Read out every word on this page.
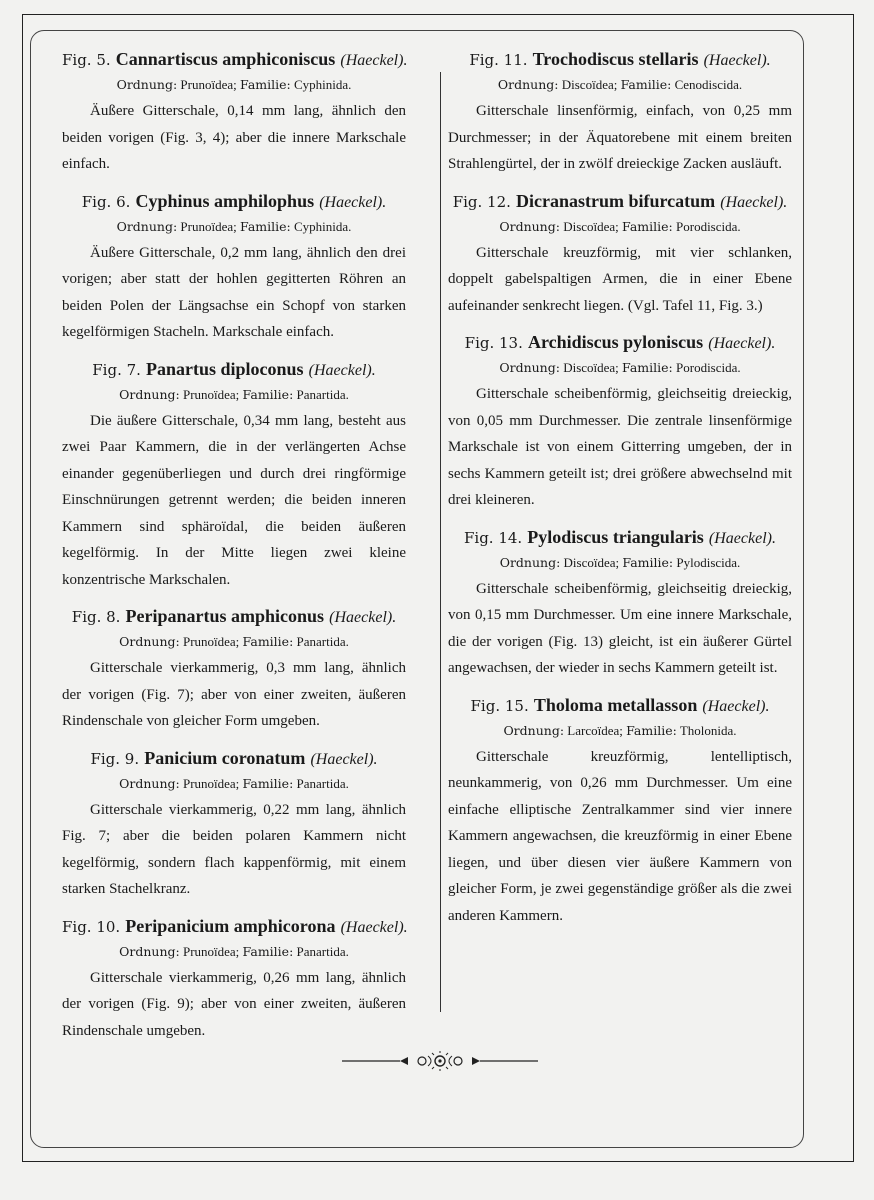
Fig. 5. Cannartiscus amphiconiscus (Haeckel).
Ordnung: Prunoïdea; Familie: Cyphinida.

Äußere Gitterschale, 0,14 mm lang, ähnlich den beiden vorigen (Fig. 3, 4); aber die innere Markschale einfach.

Fig. 6. Cyphinus amphilophus (Haeckel).
Ordnung: Prunoïdea; Familie: Cyphinida.

Äußere Gitterschale, 0,2 mm lang, ähnlich den drei vorigen; aber statt der hohlen gegitterten Röhren an beiden Polen der Längsachse ein Schopf von starken kegelförmigen Stacheln. Markschale einfach.

Fig. 7. Panartus diploconus (Haeckel).
Ordnung: Prunoïdea; Familie: Panartida.

Die äußere Gitterschale, 0,34 mm lang, besteht aus zwei Paar Kammern, die in der verlängerten Achse einander gegenüberliegen und durch drei ringförmige Einschnürungen getrennt werden; die beiden inneren Kammern sind sphäroïdal, die beiden äußeren kegelförmig. In der Mitte liegen zwei kleine konzentrische Markschalen.

Fig. 8. Peripanartus amphiconus (Haeckel).
Ordnung: Prunoïdea; Familie: Panartida.

Gitterschale vierkammerig, 0,3 mm lang, ähnlich der vorigen (Fig. 7); aber von einer zweiten, äußeren Rindenschale von gleicher Form umgeben.

Fig. 9. Panicium coronatum (Haeckel).
Ordnung: Prunoïdea; Familie: Panartida.

Gitterschale vierkammerig, 0,22 mm lang, ähnlich Fig. 7; aber die beiden polaren Kammern nicht kegelförmig, sondern flach kappenförmig, mit einem starken Stachelkranz.

Fig. 10. Peripanicium amphicorona (Haeckel).
Ordnung: Prunoïdea; Familie: Panartida.

Gitterschale vierkammerig, 0,26 mm lang, ähnlich der vorigen (Fig. 9); aber von einer zweiten, äußeren Rindenschale umgeben.

Fig. 11. Trochodiscus stellaris (Haeckel).
Ordnung: Discoïdea; Familie: Cenodiscida.

Gitterschale linsenförmig, einfach, von 0,25 mm Durchmesser; in der Äquatorebene mit einem breiten Strahlengürtel, der in zwölf dreieckige Zacken ausläuft.

Fig. 12. Dicranastrum bifurcatum (Haeckel).
Ordnung: Discoïdea; Familie: Porodiscida.

Gitterschale kreuzförmig, mit vier schlanken, doppelt gabelspaltigen Armen, die in einer Ebene aufeinander senkrecht liegen. (Vgl. Tafel 11, Fig. 3.)

Fig. 13. Archidiscus pyloniscus (Haeckel).
Ordnung: Discoïdea; Familie: Porodiscida.

Gitterschale scheibenförmig, gleichseitig dreieckig, von 0,05 mm Durchmesser. Die zentrale linsenförmige Markschale ist von einem Gitterring umgeben, der in sechs Kammern geteilt ist; drei größere abwechselnd mit drei kleineren.

Fig. 14. Pylodiscus triangularis (Haeckel).
Ordnung: Discoïdea; Familie: Pylodiscida.

Gitterschale scheibenförmig, gleichseitig dreieckig, von 0,15 mm Durchmesser. Um eine innere Markschale, die der vorigen (Fig. 13) gleicht, ist ein äußerer Gürtel angewachsen, der wieder in sechs Kammern geteilt ist.

Fig. 15. Tholoma metallasson (Haeckel).
Ordnung: Larcoïdea; Familie: Tholonida.

Gitterschale kreuzförmig, lentelliptisch, neunkammerig, von 0,26 mm Durchmesser. Um eine einfache elliptische Zentralkammer sind vier innere Kammern angewachsen, die kreuzförmig in einer Ebene liegen, und über diesen vier äußere Kammern von gleicher Form, je zwei gegenständige größer als die zwei anderen Kammern.
